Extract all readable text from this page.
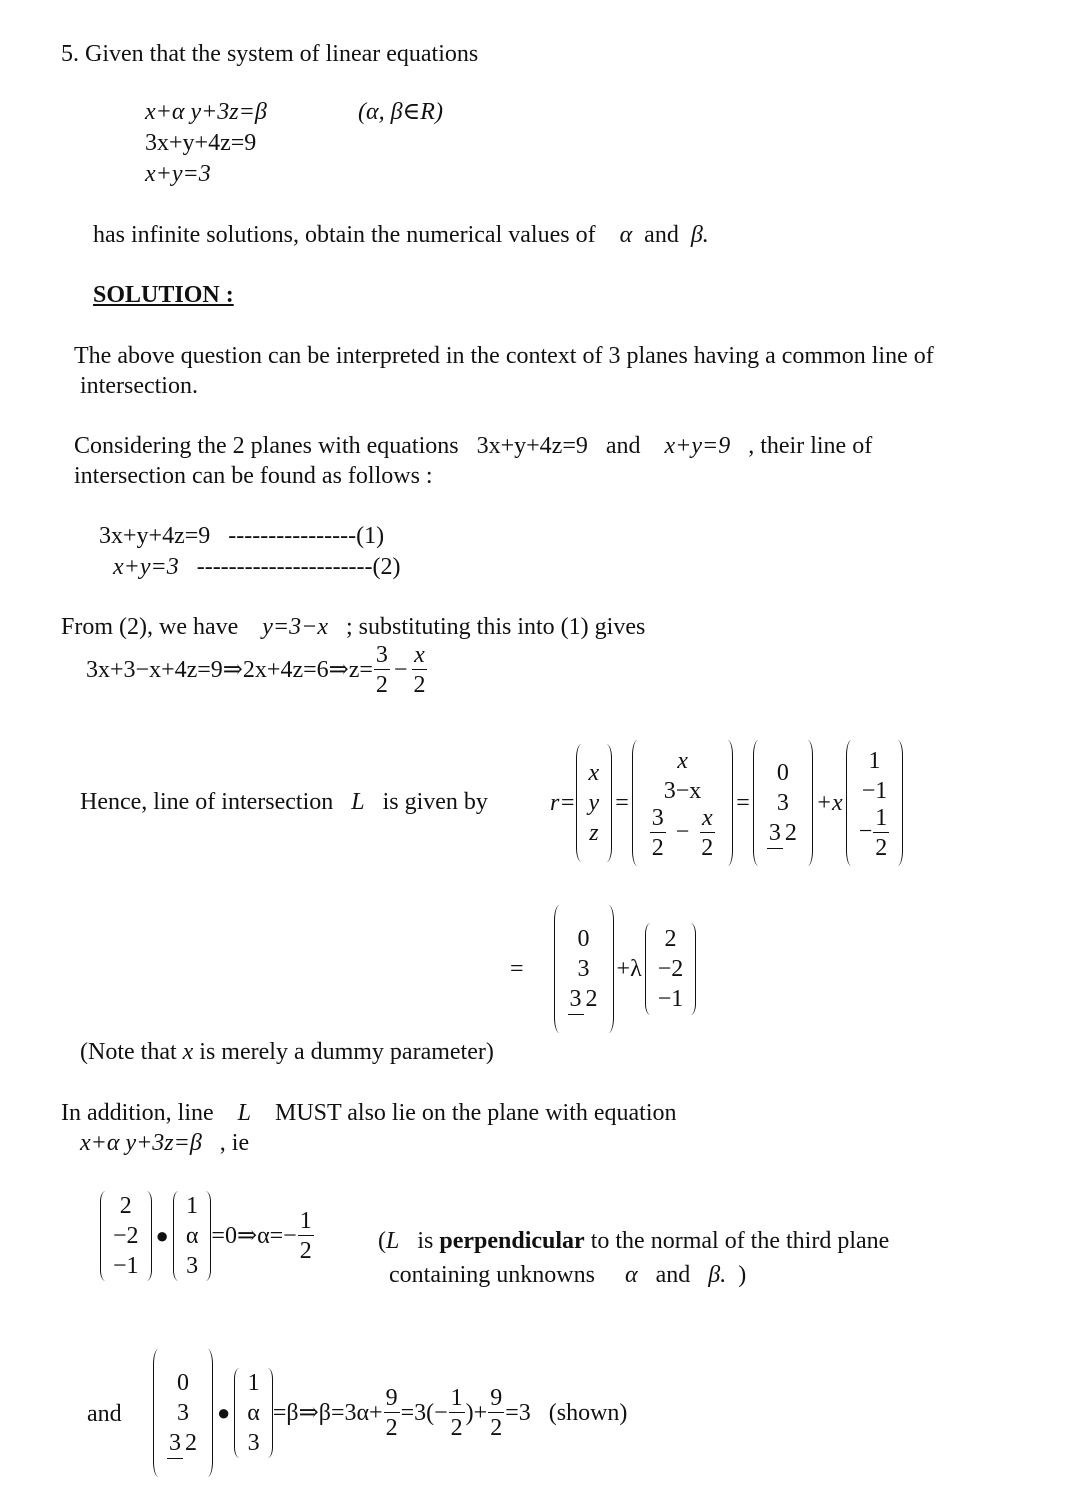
5. Given that the system of linear equations
x+α y+3z=β	(α, β∈R)
3x+y+4z=9
x+y=3
has infinite solutions, obtain the numerical values of α and β.
SOLUTION :
The above question can be interpreted in the context of 3 planes having a common line of
intersection.
Considering the 2 planes with equations 3x+y+4z=9 and x+y=9 , their line of
intersection can be found as follows :
3x+y+4z=9 ----------------(1)
x+y=3 ----------------------(2)
From (2), we have y=3−x ; substituting this into (1) gives
3x+3−x+4z=9⇒2x+4z=6⇒z= $\frac{3}{2} - \frac{x}{2}$
Hence, line of intersection L is given by	r=
x
y
z
=
x
3−x
$\frac{3}{2} - \frac{x}{2}$
=
0
3
3 2
+x
1
−1
− $\frac{1}{2}$
=
0
3
3 2
+λ
2
−2
−1
(Note that x is merely a dummy parameter)
In addition, line L MUST also lie on the plane with equation
x+α y+3z=β , ie
2
−2
−1
●
1
α
3
=0⇒α=− $\frac{1}{2}$	(L is perpendicular to the normal of the third plane
containing unknowns α and β. )
and
0
3
3 2
●
1
α
3
=β⇒β=3α+ $\frac{9}{2} =3(- \frac{1}{2}$ )+ $\frac{9}{2} =3$ (shown)
